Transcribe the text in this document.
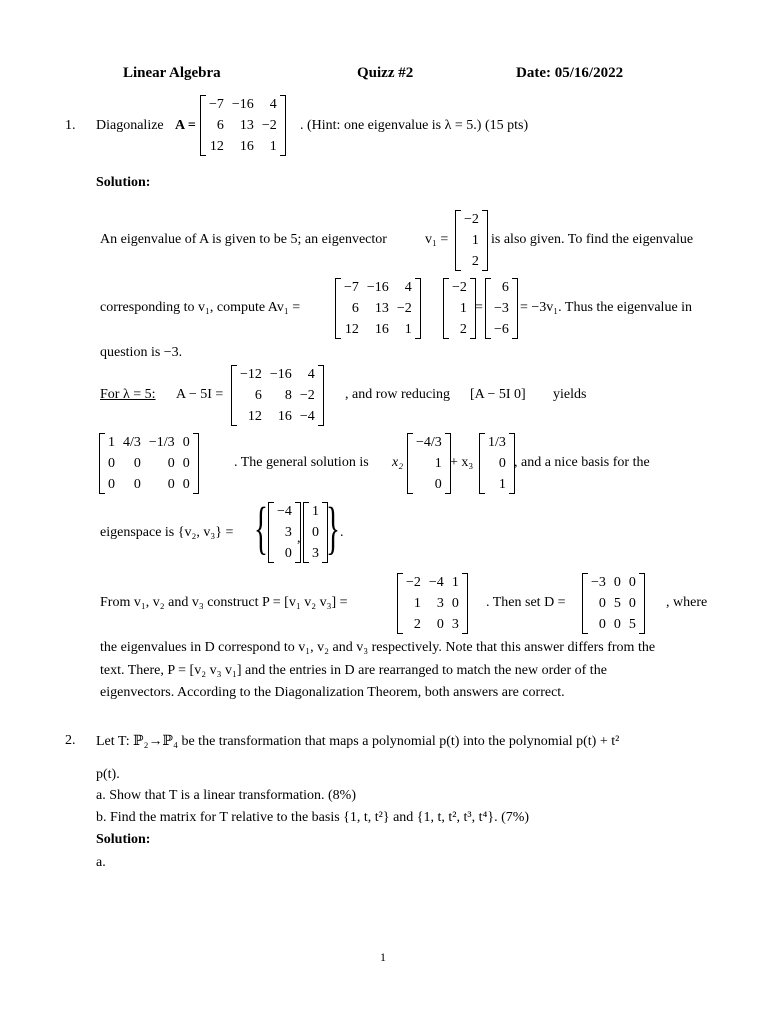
Linear Algebra	Quizz #2	Date: 05/16/2022
1. Diagonalize A =
−7 −16	4
6	13 −2
12	16	1
. (Hint: one eigenvalue is λ = 5.) (15 pts)
Solution:
An eigenvalue of A is given to be 5; an eigenvector	v₁ =
−2
1
2
is also given. To find the eigenvalue
corresponding to v₁, compute Av₁ =
−7 −16	4
6	13 −2
12	16	1
−2
1
2
=
6
−3
−6
= −3v₁. Thus the eigenvalue in
question is −3.
For λ = 5: A − 5I =
−12 −16	4
6	8 −2
12	16 −4
, and row reducing [A − 5I 0] yields
1 4/3 −1/3 0
0	0	0 0
0	0	0 0
. The general solution is x₂
−4/3
1
0
+ x₃
1/3
0
1
, and a nice basis for the
eigenspace is {v₂, v₃} = { −4
3
0
,
1
0
3 } .
From v₁, v₂ and v₃ construct P = [v₁ v₂ v₃] =
−2 −4 1
1	3 0
2	0 3
. Then set D =
−3 0 0
0 5 0
0 0 5
, where
the eigenvalues in D correspond to v₁, v₂ and v₃ respectively. Note that this answer differs from the
text. There, P = [v₂ v₃ v₁] and the entries in D are rearranged to match the new order of the
eigenvectors. According to the Diagonalization Theorem, both answers are correct.
2. Let T: ℙ₂→ℙ₄ be the transformation that maps a polynomial p(t) into the polynomial p(t) + t²
p(t).
a. Show that T is a linear transformation. (8%)
b. Find the matrix for T relative to the basis {1, t, t²} and {1, t, t², t³, t⁴}. (7%)
Solution:
a.
1
